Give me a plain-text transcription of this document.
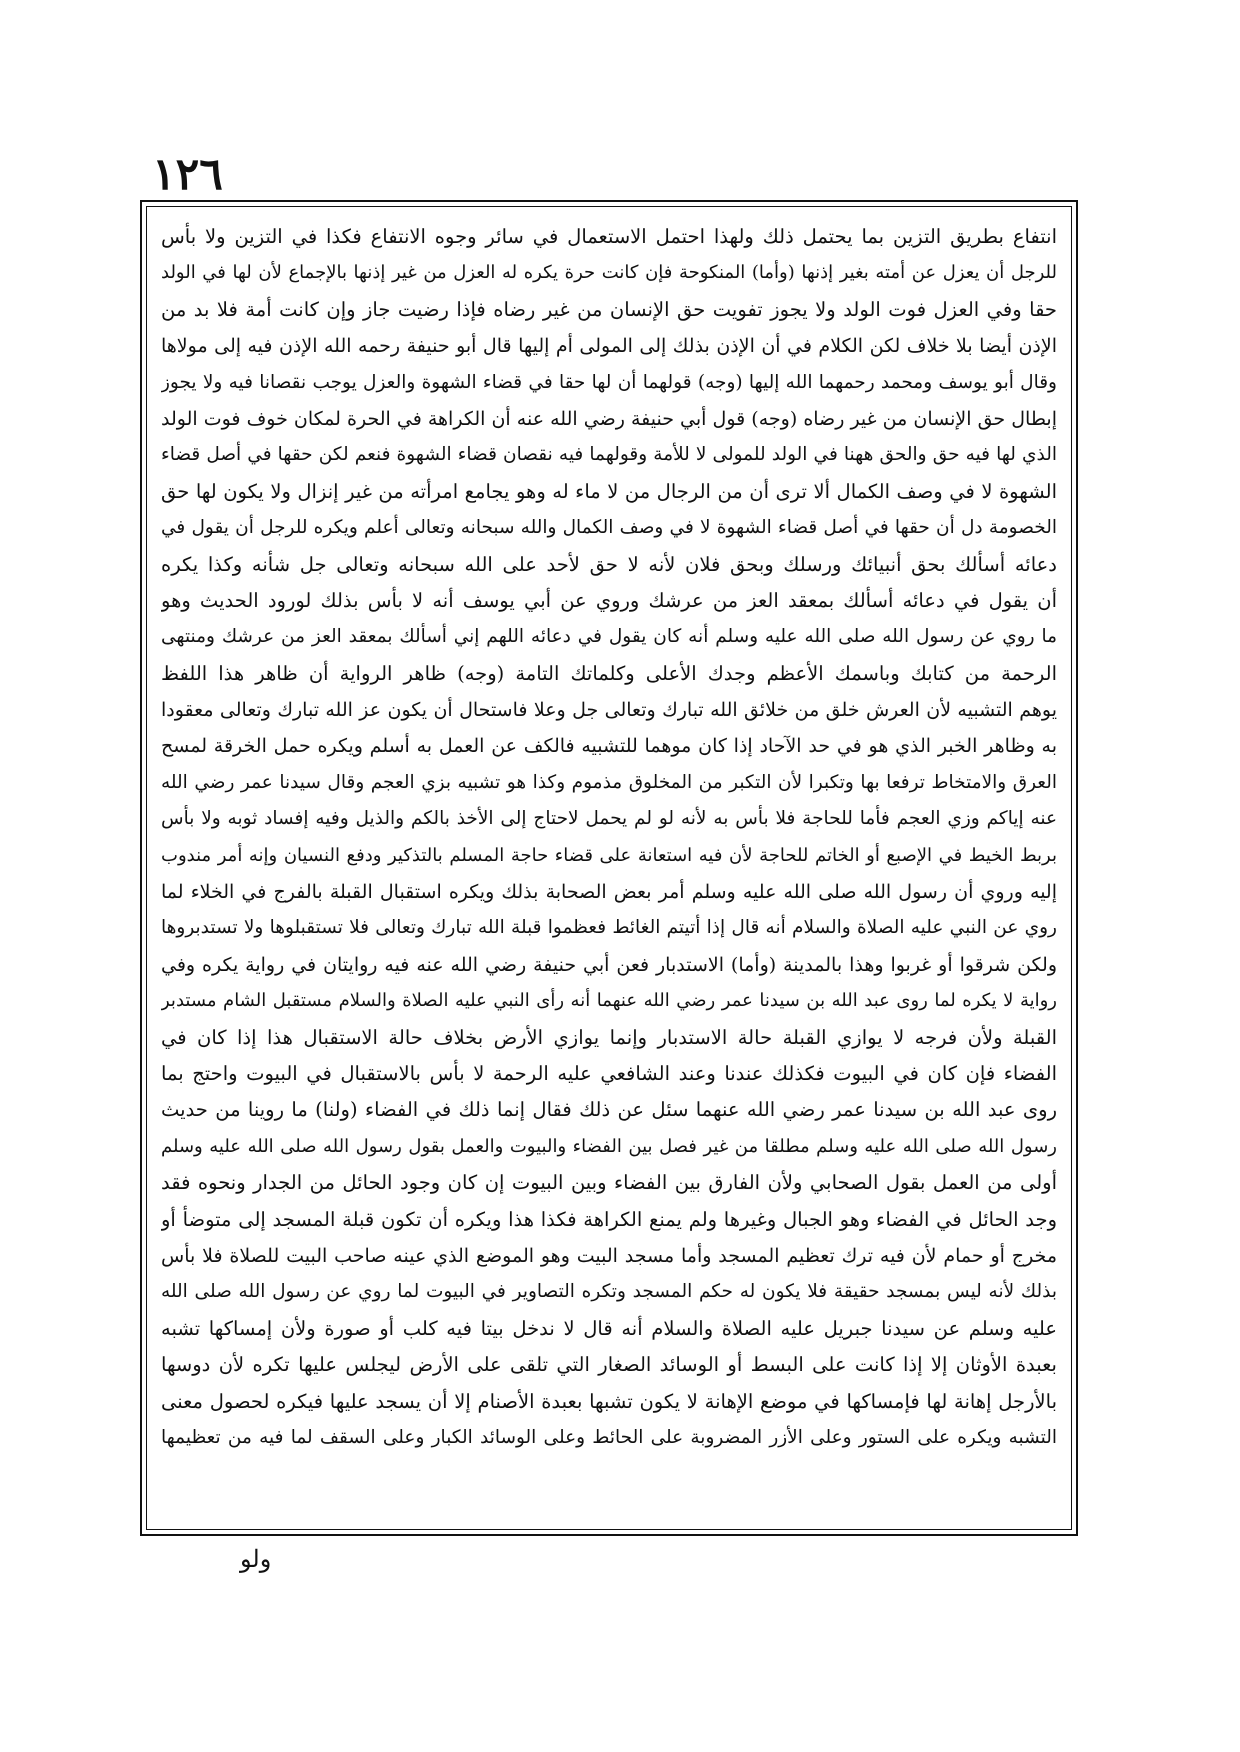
١٢٦
انتفاع بطريق التزين بما يحتمل ذلك ولهذا احتمل الاستعمال في سائر وجوه الانتفاع فكذا في التزين ولا بأس
للرجل أن يعزل عن أمته بغير إذنها (وأما) المنكوحة فإن كانت حرة يكره له العزل من غير إذنها بالإجماع لأن لها في الولد
حقا وفي العزل فوت الولد ولا يجوز تفويت حق الإنسان من غير رضاه فإذا رضيت جاز وإن كانت أمة فلا بد من
الإذن أيضا بلا خلاف لكن الكلام في أن الإذن بذلك إلى المولى أم إليها قال أبو حنيفة رحمه الله الإذن فيه إلى مولاها
وقال أبو يوسف ومحمد رحمهما الله إليها (وجه) قولهما أن لها حقا في قضاء الشهوة والعزل يوجب نقصانا فيه ولا يجوز
إبطال حق الإنسان من غير رضاه (وجه) قول أبي حنيفة رضي الله عنه أن الكراهة في الحرة لمكان خوف فوت الولد
الذي لها فيه حق والحق ههنا في الولد للمولى لا للأمة وقولهما فيه نقصان قضاء الشهوة فنعم لكن حقها في أصل قضاء
الشهوة لا في وصف الكمال ألا ترى أن من الرجال من لا ماء له وهو يجامع امرأته من غير إنزال ولا يكون لها حق
الخصومة دل أن حقها في أصل قضاء الشهوة لا في وصف الكمال والله سبحانه وتعالى أعلم ويكره للرجل أن يقول في
دعائه أسألك بحق أنبيائك ورسلك وبحق فلان لأنه لا حق لأحد على الله سبحانه وتعالى جل شأنه وكذا يكره
أن يقول في دعائه أسألك بمعقد العز من عرشك وروي عن أبي يوسف أنه لا بأس بذلك لورود الحديث وهو
ما روي عن رسول الله صلى الله عليه وسلم أنه كان يقول في دعائه اللهم إني أسألك بمعقد العز من عرشك ومنتهى
الرحمة من كتابك وباسمك الأعظم وجدك الأعلى وكلماتك التامة (وجه) ظاهر الرواية أن ظاهر هذا اللفظ
يوهم التشبيه لأن العرش خلق من خلائق الله تبارك وتعالى جل وعلا فاستحال أن يكون عز الله تبارك وتعالى معقودا
به وظاهر الخبر الذي هو في حد الآحاد إذا كان موهما للتشبيه فالكف عن العمل به أسلم ويكره حمل الخرقة لمسح
العرق والامتخاط ترفعا بها وتكبرا لأن التكبر من المخلوق مذموم وكذا هو تشبيه بزي العجم وقال سيدنا عمر رضي الله
عنه إياكم وزي العجم فأما للحاجة فلا بأس به لأنه لو لم يحمل لاحتاج إلى الأخذ بالكم والذيل وفيه إفساد ثوبه ولا بأس
بربط الخيط في الإصبع أو الخاتم للحاجة لأن فيه استعانة على قضاء حاجة المسلم بالتذكير ودفع النسيان وإنه أمر مندوب
إليه وروي أن رسول الله صلى الله عليه وسلم أمر بعض الصحابة بذلك ويكره استقبال القبلة بالفرج في الخلاء لما
روي عن النبي عليه الصلاة والسلام أنه قال إذا أتيتم الغائط فعظموا قبلة الله تبارك وتعالى فلا تستقبلوها ولا تستدبروها
ولكن شرقوا أو غربوا وهذا بالمدينة (وأما) الاستدبار فعن أبي حنيفة رضي الله عنه فيه روايتان في رواية يكره وفي
رواية لا يكره لما روى عبد الله بن سيدنا عمر رضي الله عنهما أنه رأى النبي عليه الصلاة والسلام مستقبل الشام مستدبر
القبلة ولأن فرجه لا يوازي القبلة حالة الاستدبار وإنما يوازي الأرض بخلاف حالة الاستقبال هذا إذا كان في
الفضاء فإن كان في البيوت فكذلك عندنا وعند الشافعي عليه الرحمة لا بأس بالاستقبال في البيوت واحتج بما
روى عبد الله بن سيدنا عمر رضي الله عنهما سئل عن ذلك فقال إنما ذلك في الفضاء (ولنا) ما روينا من حديث
رسول الله صلى الله عليه وسلم مطلقا من غير فصل بين الفضاء والبيوت والعمل بقول رسول الله صلى الله عليه وسلم
أولى من العمل بقول الصحابي ولأن الفارق بين الفضاء وبين البيوت إن كان وجود الحائل من الجدار ونحوه فقد
وجد الحائل في الفضاء وهو الجبال وغيرها ولم يمنع الكراهة فكذا هذا ويكره أن تكون قبلة المسجد إلى متوضأ أو
مخرج أو حمام لأن فيه ترك تعظيم المسجد وأما مسجد البيت وهو الموضع الذي عينه صاحب البيت للصلاة فلا بأس
بذلك لأنه ليس بمسجد حقيقة فلا يكون له حكم المسجد وتكره التصاوير في البيوت لما روي عن رسول الله صلى الله
عليه وسلم عن سيدنا جبريل عليه الصلاة والسلام أنه قال لا ندخل بيتا فيه كلب أو صورة ولأن إمساكها تشبه
بعبدة الأوثان إلا إذا كانت على البسط أو الوسائد الصغار التي تلقى على الأرض ليجلس عليها تكره لأن دوسها
بالأرجل إهانة لها فإمساكها في موضع الإهانة لا يكون تشبها بعبدة الأصنام إلا أن يسجد عليها فيكره لحصول معنى
التشبه ويكره على الستور وعلى الأزر المضروبة على الحائط وعلى الوسائد الكبار وعلى السقف لما فيه من تعظيمها
ولو
